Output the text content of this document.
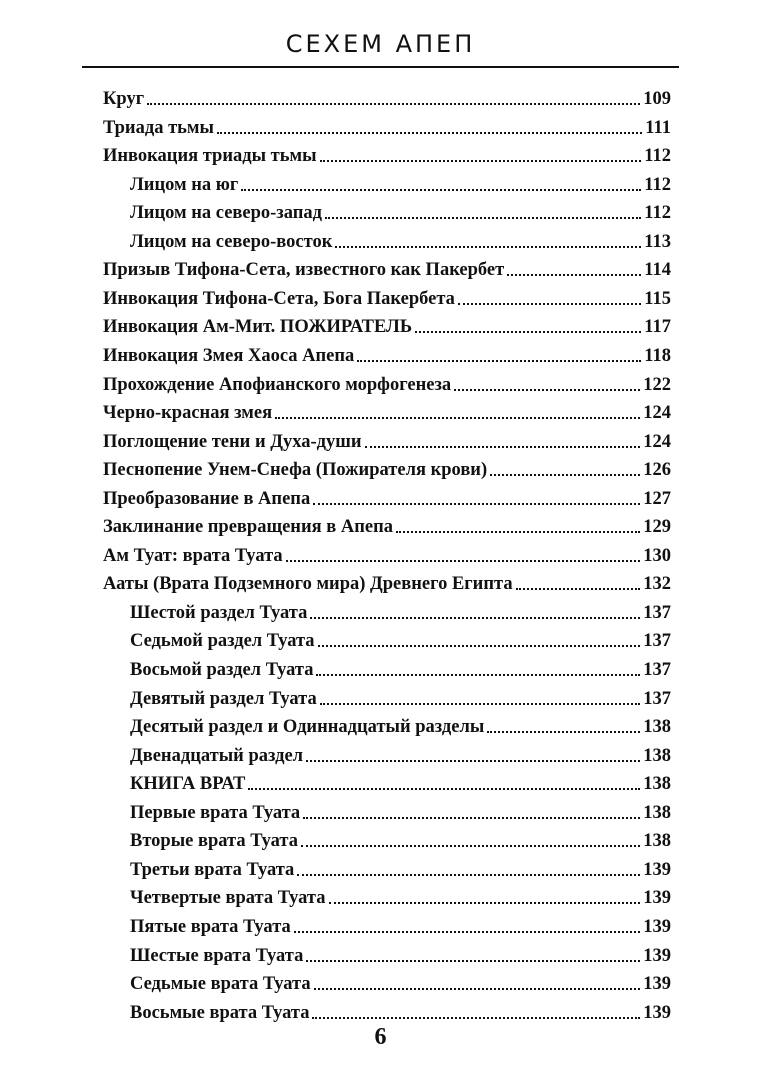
СЕХЕМ АПЕП
Круг	109
Триада тьмы	111
Инвокация триады тьмы	112
Лицом на юг	112
Лицом на северо-запад	112
Лицом на северо-восток	113
Призыв Тифона-Сета, известного как Пакербет	114
Инвокация Тифона-Сета, Бога Пакербета	115
Инвокация Ам-Мит. ПОЖИРАТЕЛЬ	117
Инвокация Змея Хаоса Апепа	118
Прохождение Апофианского морфогенеза	122
Черно-красная змея	124
Поглощение тени и Духа-души	124
Песнопение Унем-Снефа (Пожирателя крови)	126
Преобразование в Апепа	127
Заклинание превращения в Апепа	129
Ам Туат: врата Туата	130
Ааты (Врата Подземного мира) Древнего Египта	132
Шестой раздел Туата	137
Седьмой раздел Туата	137
Восьмой раздел Туата	137
Девятый раздел Туата	137
Десятый раздел и Одиннадцатый разделы	138
Двенадцатый раздел	138
КНИГА ВРАТ	138
Первые врата Туата	138
Вторые врата Туата	138
Третьи врата Туата	139
Четвертые врата Туата	139
Пятые врата Туата	139
Шестые врата Туата	139
Седьмые врата Туата	139
Восьмые врата Туата	139
6
